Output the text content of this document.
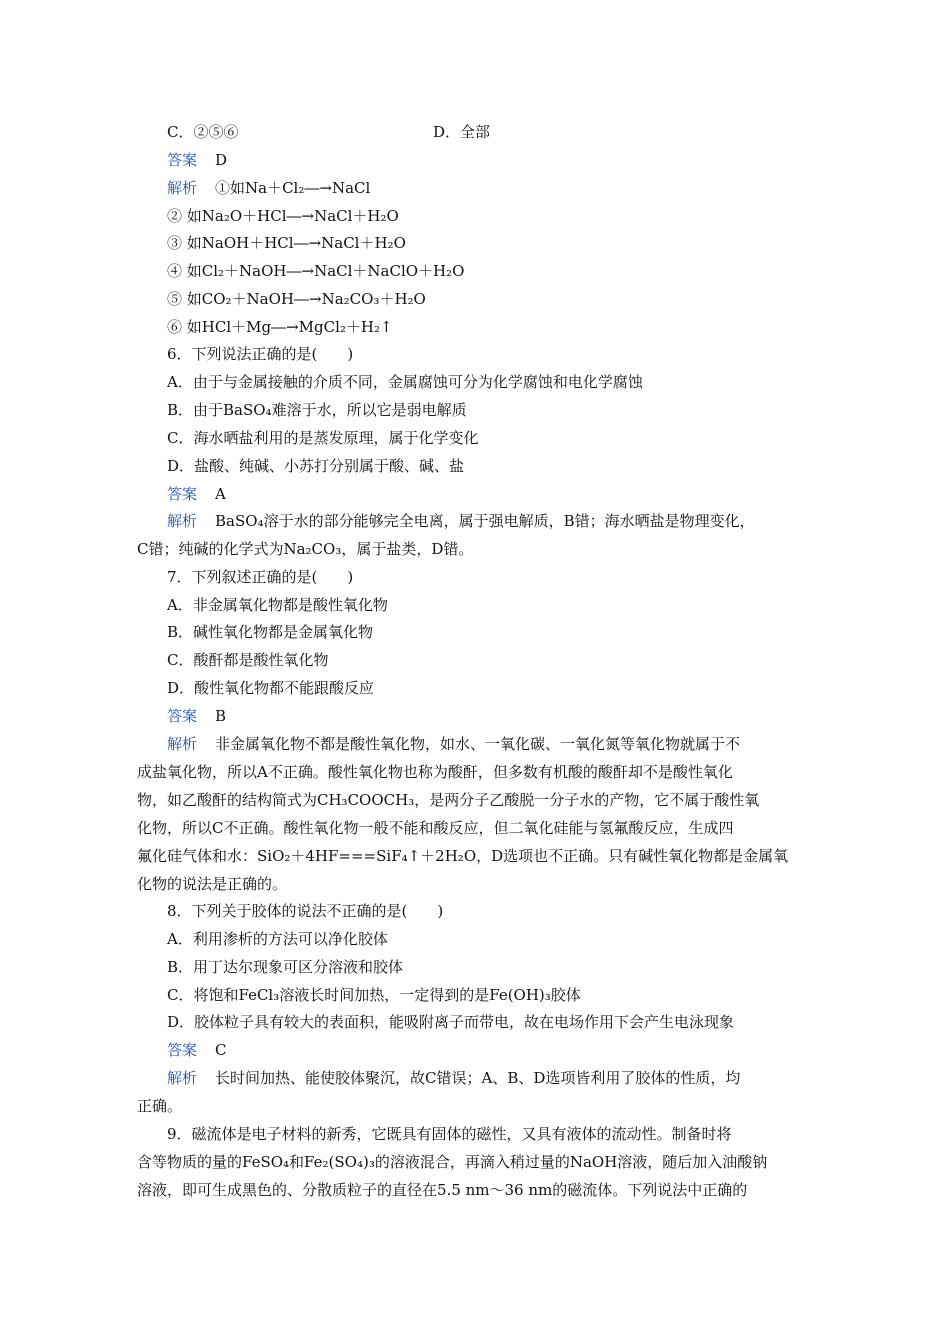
C．②⑤⑥	D．全部
答案 D
解析 ①如Na＋Cl₂―→NaCl
② 如Na₂O＋HCl―→NaCl＋H₂O
③ 如NaOH＋HCl―→NaCl＋H₂O
④ 如Cl₂＋NaOH―→NaCl＋NaClO＋H₂O
⑤ 如CO₂＋NaOH―→Na₂CO₃＋H₂O
⑥ 如HCl＋Mg―→MgCl₂＋H₂↑
6．下列说法正确的是(　　)
A．由于与金属接触的介质不同，金属腐蚀可分为化学腐蚀和电化学腐蚀
B．由于BaSO₄难溶于水，所以它是弱电解质
C．海水晒盐利用的是蒸发原理，属于化学变化
D．盐酸、纯碱、小苏打分别属于酸、碱、盐
答案 A
解析 BaSO₄溶于水的部分能够完全电离，属于强电解质，B错；海水晒盐是物理变化，
C错；纯碱的化学式为Na₂CO₃，属于盐类，D错。
7．下列叙述正确的是(　　)
A．非金属氧化物都是酸性氧化物
B．碱性氧化物都是金属氧化物
C．酸酐都是酸性氧化物
D．酸性氧化物都不能跟酸反应
答案 B
解析 非金属氧化物不都是酸性氧化物，如水、一氧化碳、一氧化氮等氧化物就属于不
成盐氧化物，所以A不正确。酸性氧化物也称为酸酐，但多数有机酸的酸酐却不是酸性氧化
物，如乙酸酐的结构简式为CH₃COOCH₃，是两分子乙酸脱一分子水的产物，它不属于酸性氧
化物，所以C不正确。酸性氧化物一般不能和酸反应，但二氧化硅能与氢氟酸反应，生成四
氟化硅气体和水：SiO₂＋4HF===SiF₄↑＋2H₂O，D选项也不正确。只有碱性氧化物都是金属氧
化物的说法是正确的。
8．下列关于胶体的说法不正确的是(　　)
A．利用渗析的方法可以净化胶体
B．用丁达尔现象可区分溶液和胶体
C．将饱和FeCl₃溶液长时间加热，一定得到的是Fe(OH)₃胶体
D．胶体粒子具有较大的表面积，能吸附离子而带电，故在电场作用下会产生电泳现象
答案 C
解析 长时间加热、能使胶体聚沉，故C错误；A、B、D选项皆利用了胶体的性质，均
正确。
9．磁流体是电子材料的新秀，它既具有固体的磁性，又具有液体的流动性。制备时将
含等物质的量的FeSO₄和Fe₂(SO₄)₃的溶液混合，再滴入稍过量的NaOH溶液，随后加入油酸钠
溶液，即可生成黑色的、分散质粒子的直径在5.5 nm～36 nm的磁流体。下列说法中正确的
